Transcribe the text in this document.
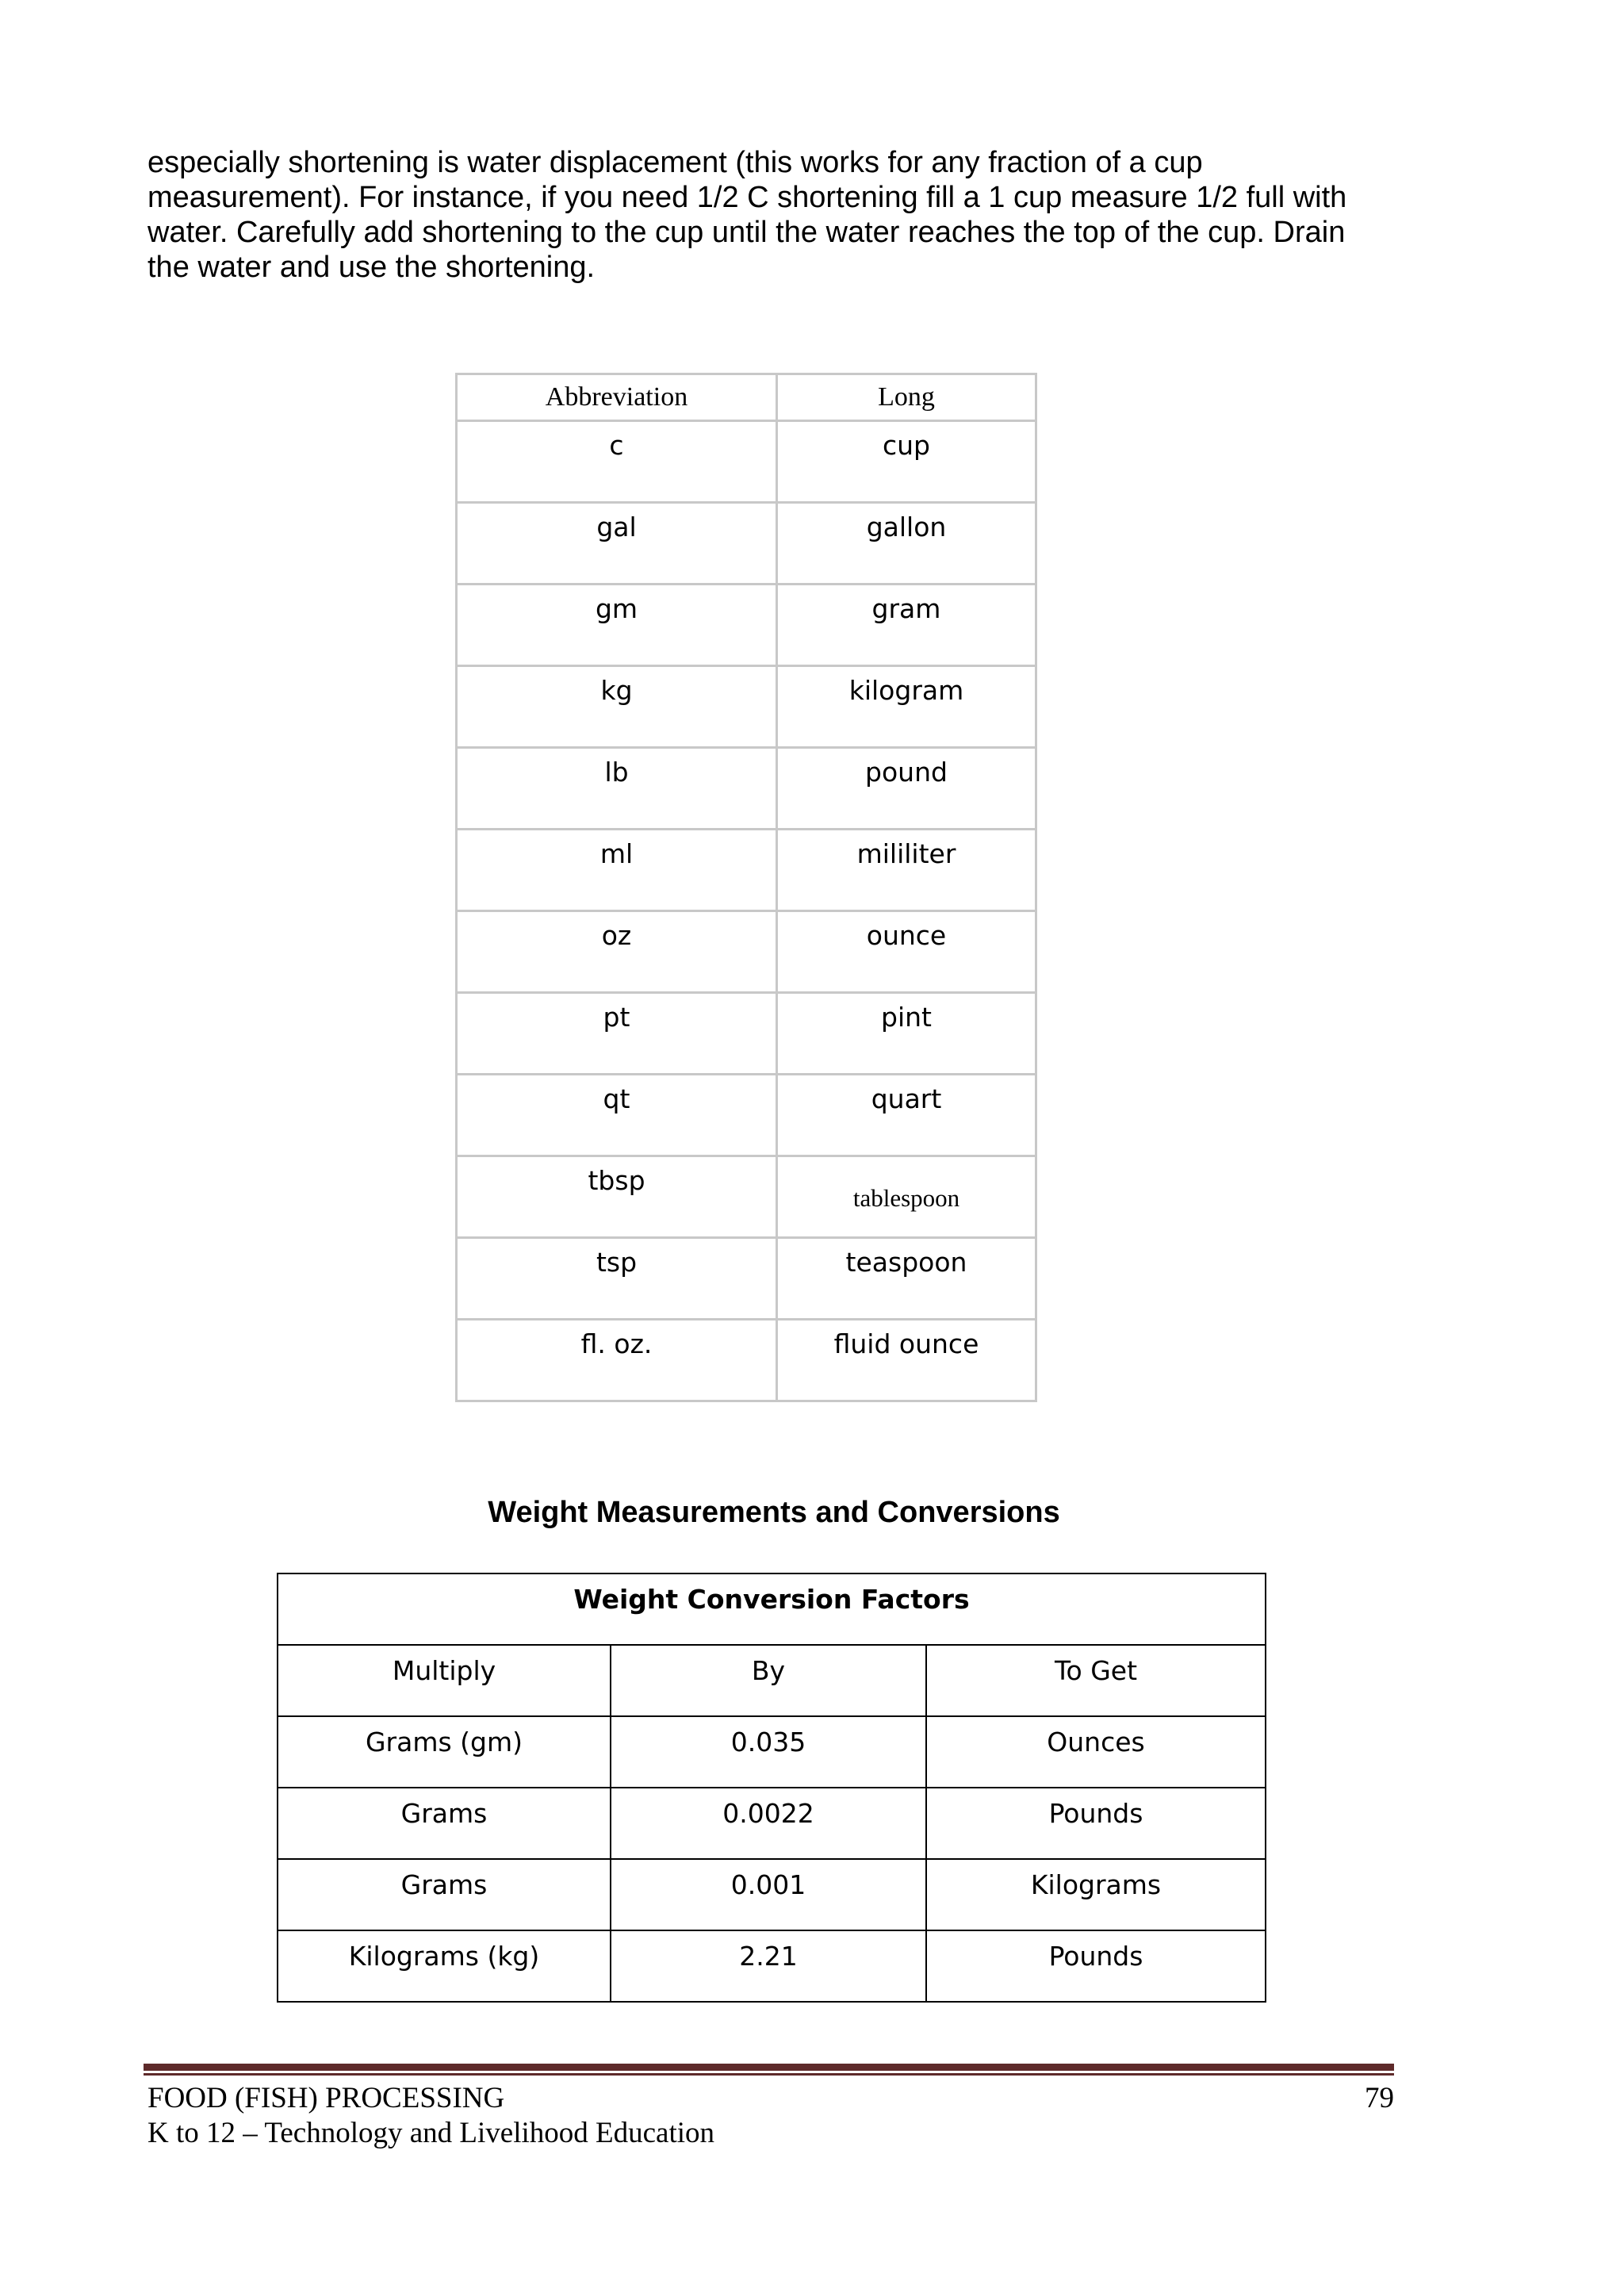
especially shortening is water displacement (this works for any fraction of a cup

measurement). For instance, if you need 1/2 C shortening fill a 1 cup measure 1/2 full with

water. Carefully add shortening to the cup until the water reaches the top of the cup. Drain

the water and use the shortening.

Abbreviation	Long
c	cup
gal	gallon
gm	gram
kg	kilogram
lb	pound
ml	mililiter
oz	ounce
pt	pint
qt	quart
tbsp	tablespoon
tsp	teaspoon
fl. oz.	fluid ounce
Weight Measurements and Conversions
Weight Conversion Factors		
Multiply	By	To Get
Grams (gm)	0.035	Ounces
Grams	0.0022	Pounds
Grams	0.001	Kilograms
Kilograms (kg)	2.21	Pounds
FOOD (FISH) PROCESSING	79
K to 12 – Technology and Livelihood Education
